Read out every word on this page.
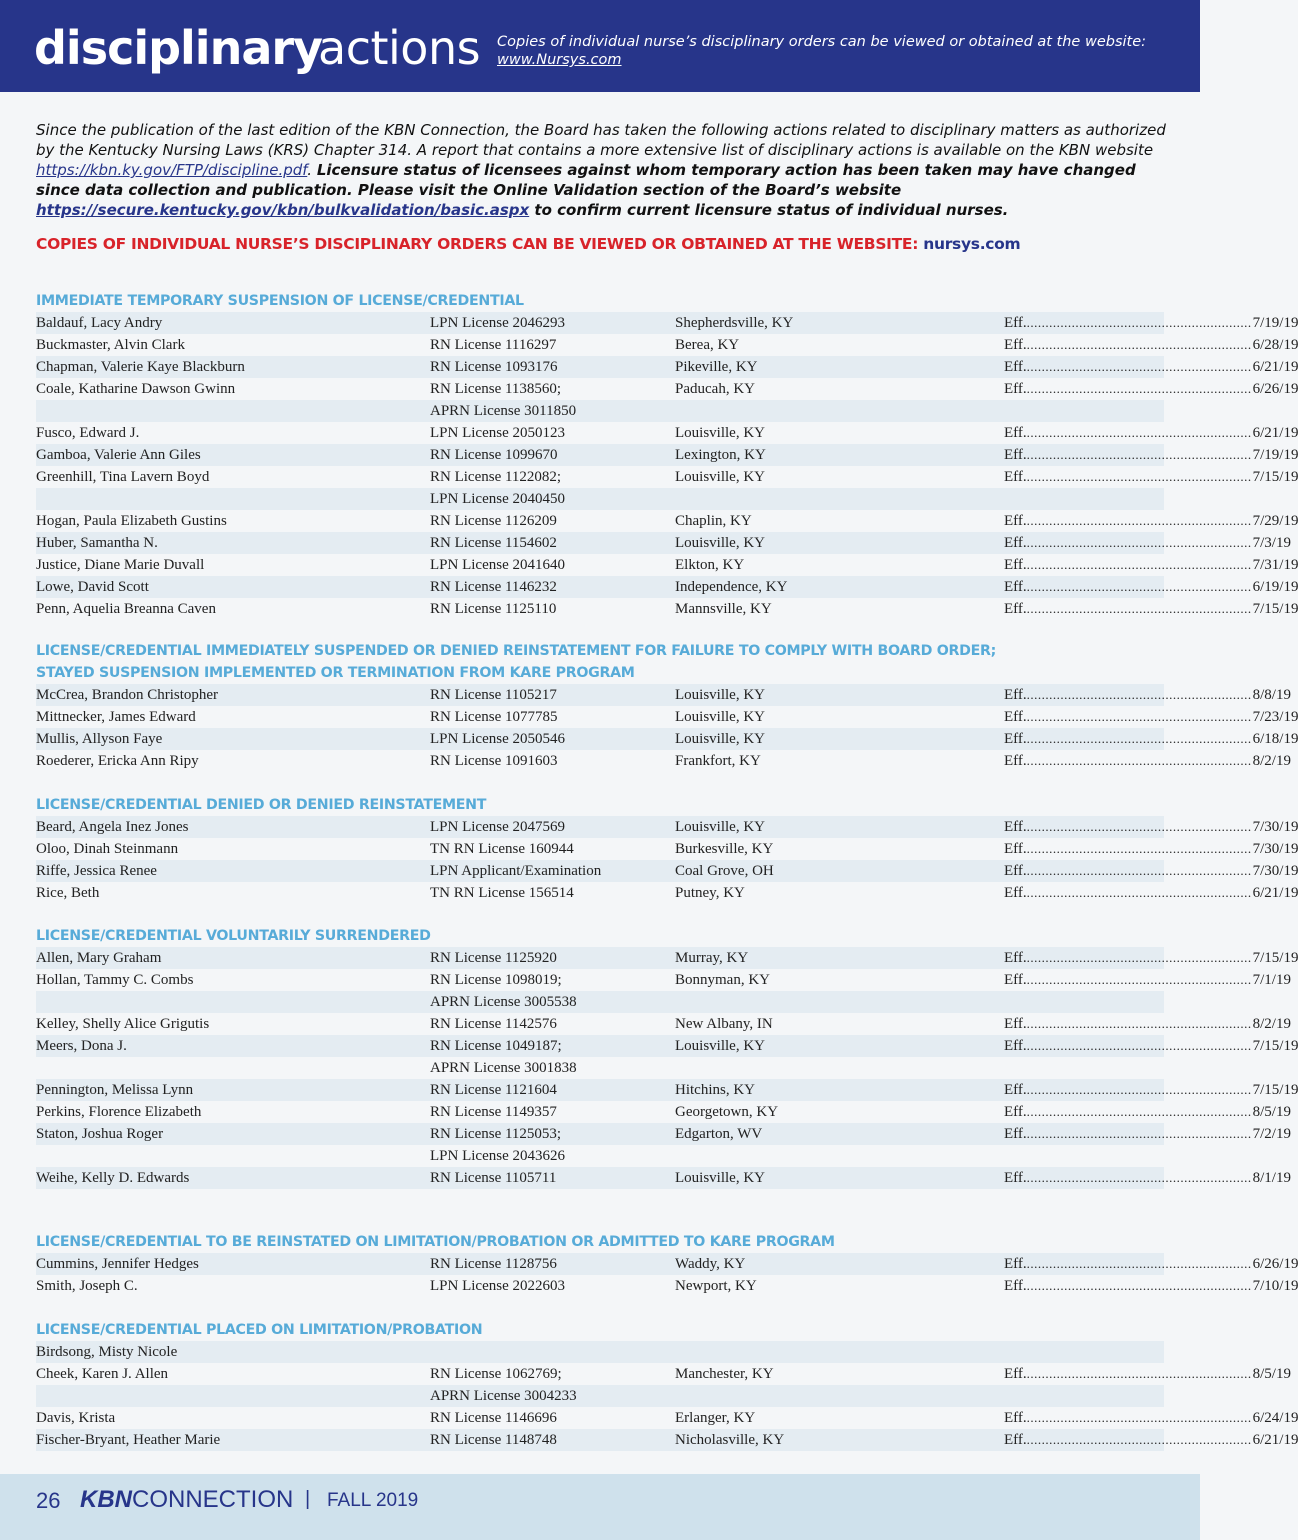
disciplinary
actions Copies of individual nurse’s disciplinary orders can be viewed or obtained at the website: www.Nursys.com
Since the publication of the last edition of the KBN Connection, the Board has taken the following actions related to disciplinary matters as authorized by the Kentucky Nursing Laws (KRS) Chapter 314. A report that contains a more extensive list of disciplinary actions is available on the KBN website https://kbn.ky.gov/FTP/discipline.pdf. Licensure status of licensees against whom temporary action has been taken may have changed since data collection and publication. Please visit the Online Validation section of the Board’s website https://secure.kentucky.gov/kbn/bulkvalidation/basic.aspx to confirm current licensure status of individual nurses.
COPIES OF INDIVIDUAL NURSE’S DISCIPLINARY ORDERS CAN BE VIEWED OR OBTAINED AT THE WEBSITE: nursys.com
IMMEDIATE TEMPORARY SUSPENSION OF LICENSE/CREDENTIAL
Baldauf, Lacy Andry	LPN License 2046293	Shepherdsville, KY	Eff. ............................................................ 7/19/19
Buckmaster, Alvin Clark	RN License 1116297	Berea, KY	Eff. ............................................................ 6/28/19
Chapman, Valerie Kaye Blackburn	RN License 1093176	Pikeville, KY	Eff. ............................................................ 6/21/19
Coale, Katharine Dawson Gwinn	RN License 1138560;	Paducah, KY	Eff. ............................................................ 6/26/19
APRN License 3011850
Fusco, Edward J.	LPN License 2050123	Louisville, KY	Eff. ............................................................ 6/21/19
Gamboa, Valerie Ann Giles	RN License 1099670	Lexington, KY	Eff. ............................................................ 7/19/19
Greenhill, Tina Lavern Boyd	RN License 1122082;	Louisville, KY	Eff. ............................................................ 7/15/19
LPN License 2040450
Hogan, Paula Elizabeth Gustins	RN License 1126209	Chaplin, KY	Eff. ............................................................ 7/29/19
Huber, Samantha N.	RN License 1154602	Louisville, KY	Eff. ............................................................ 7/3/19
Justice, Diane Marie Duvall	LPN License 2041640	Elkton, KY	Eff. ............................................................ 7/31/19
Lowe, David Scott	RN License 1146232	Independence, KY	Eff. ............................................................ 6/19/19
Penn, Aquelia Breanna Caven	RN License 1125110	Mannsville, KY	Eff. ............................................................ 7/15/19
LICENSE/CREDENTIAL IMMEDIATELY SUSPENDED OR DENIED REINSTATEMENT FOR FAILURE TO COMPLY WITH BOARD ORDER;
STAYED SUSPENSION IMPLEMENTED OR TERMINATION FROM KARE PROGRAM
McCrea, Brandon Christopher	RN License 1105217	Louisville, KY	Eff. ............................................................ 8/8/19
Mittnecker, James Edward	RN License 1077785	Louisville, KY	Eff. ............................................................ 7/23/19
Mullis, Allyson Faye	LPN License 2050546	Louisville, KY	Eff. ............................................................ 6/18/19
Roederer, Ericka Ann Ripy	RN License 1091603	Frankfort, KY	Eff. ............................................................ 8/2/19
LICENSE/CREDENTIAL DENIED OR DENIED REINSTATEMENT
Beard, Angela Inez Jones	LPN License 2047569	Louisville, KY	Eff. ............................................................ 7/30/19
Oloo, Dinah Steinmann	TN RN License 160944	Burkesville, KY	Eff. ............................................................ 7/30/19
Riffe, Jessica Renee	LPN Applicant/Examination	Coal Grove, OH	Eff. ............................................................ 7/30/19
Rice, Beth	TN RN License 156514	Putney, KY	Eff. ............................................................ 6/21/19
LICENSE/CREDENTIAL VOLUNTARILY SURRENDERED
Allen, Mary Graham	RN License 1125920	Murray, KY	Eff. ............................................................ 7/15/19
Hollan, Tammy C. Combs	RN License 1098019;	Bonnyman, KY	Eff. ............................................................ 7/1/19
APRN License 3005538
Kelley, Shelly Alice Grigutis	RN License 1142576	New Albany, IN	Eff. ............................................................ 8/2/19
Meers, Dona J.	RN License 1049187;	Louisville, KY	Eff. ............................................................ 7/15/19
APRN License 3001838
Pennington, Melissa Lynn	RN License 1121604	Hitchins, KY	Eff. ............................................................ 7/15/19
Perkins, Florence Elizabeth	RN License 1149357	Georgetown, KY	Eff. ............................................................ 8/5/19
Staton, Joshua Roger	RN License 1125053;	Edgarton, WV	Eff. ............................................................ 7/2/19
LPN License 2043626
Weihe, Kelly D. Edwards	RN License 1105711	Louisville, KY	Eff. ............................................................ 8/1/19
LICENSE/CREDENTIAL TO BE REINSTATED ON LIMITATION/PROBATION OR ADMITTED TO KARE PROGRAM
Cummins, Jennifer Hedges	RN License 1128756	Waddy, KY	Eff. ............................................................ 6/26/19
Smith, Joseph C.	LPN License 2022603	Newport, KY	Eff. ............................................................ 7/10/19
LICENSE/CREDENTIAL PLACED ON LIMITATION/PROBATION
Birdsong, Misty Nicole
Cheek, Karen J. Allen	RN License 1062769;	Manchester, KY	Eff. ............................................................ 8/5/19
APRN License 3004233
Davis, Krista	RN License 1146696	Erlanger, KY	Eff. ............................................................ 6/24/19
Fischer-Bryant, Heather Marie	RN License 1148748	Nicholasville, KY	Eff. ............................................................ 6/21/19
26 KBN CONNECTION | FALL 2019
